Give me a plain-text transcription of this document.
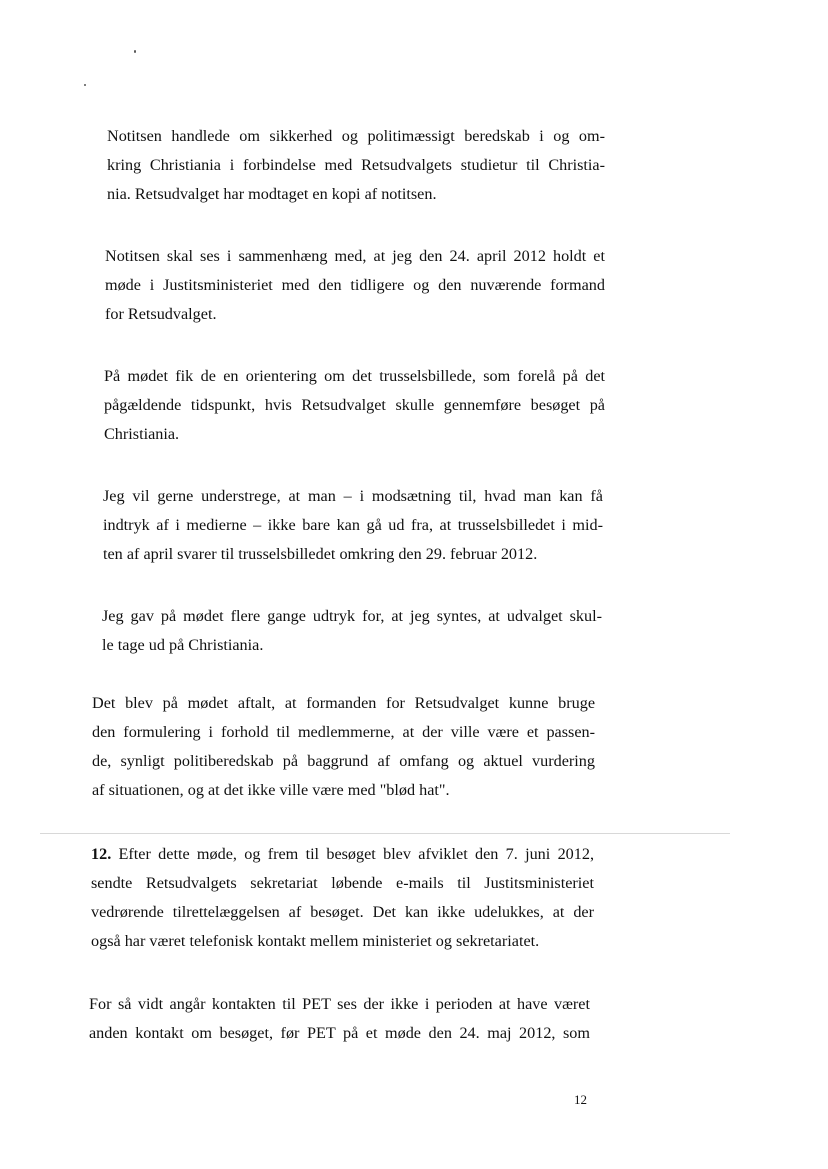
Notitsen handlede om sikkerhed og politimæssigt beredskab i og om-
kring Christiania i forbindelse med Retsudvalgets studietur til Christia-
nia. Retsudvalget har modtaget en kopi af notitsen.
Notitsen skal ses i sammenhæng med, at jeg den 24. april 2012 holdt et
møde i Justitsministeriet med den tidligere og den nuværende formand
for Retsudvalget.
På mødet fik de en orientering om det trusselsbillede, som forelå på det
pågældende tidspunkt, hvis Retsudvalget skulle gennemføre besøget på
Christiania.
Jeg vil gerne understrege, at man – i modsætning til, hvad man kan få
indtryk af i medierne – ikke bare kan gå ud fra, at trusselsbilledet i mid-
ten af april svarer til trusselsbilledet omkring den 29. februar 2012.
Jeg gav på mødet flere gange udtryk for, at jeg syntes, at udvalget skul-
le tage ud på Christiania.
Det blev på mødet aftalt, at formanden for Retsudvalget kunne bruge
den formulering i forhold til medlemmerne, at der ville være et passen-
de, synligt politiberedskab på baggrund af omfang og aktuel vurdering
af situationen, og at det ikke ville være med "blød hat".
12. Efter dette møde, og frem til besøget blev afviklet den 7. juni 2012,
sendte Retsudvalgets sekretariat løbende e-mails til Justitsministeriet
vedrørende tilrettelæggelsen af besøget. Det kan ikke udelukkes, at der
også har været telefonisk kontakt mellem ministeriet og sekretariatet.
For så vidt angår kontakten til PET ses der ikke i perioden at have været
anden kontakt om besøget, før PET på et møde den 24. maj 2012, som
12
